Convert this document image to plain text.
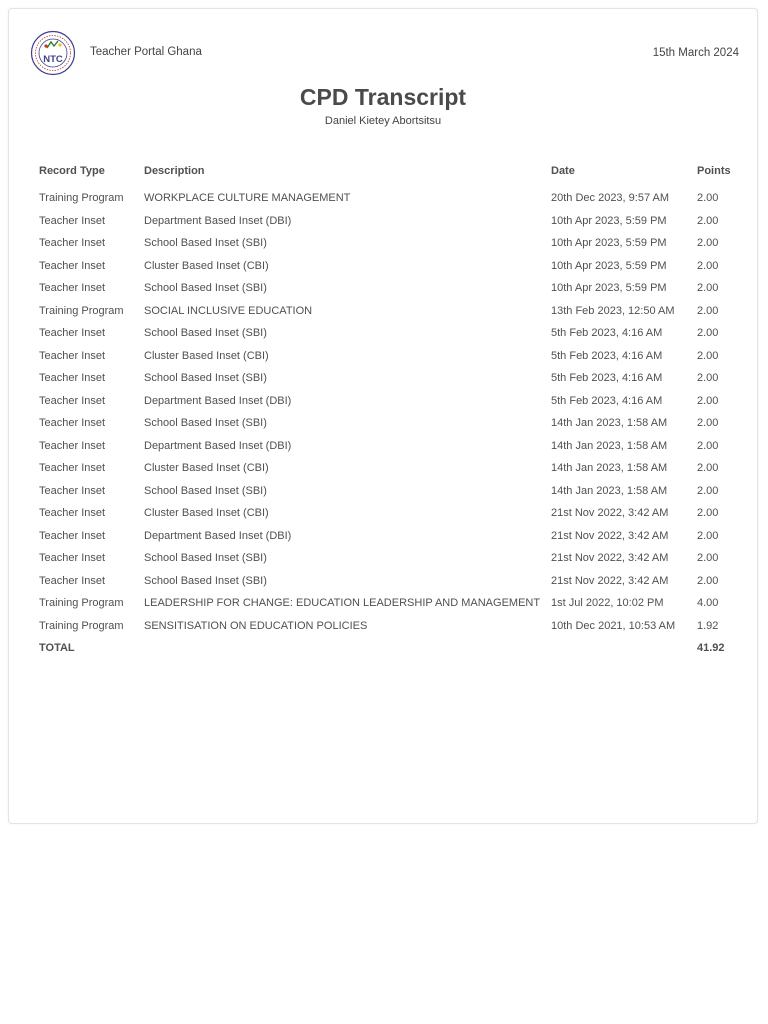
NTC
Teacher Portal Ghana	15th March 2024
CPD Transcript
Daniel Kietey Abortsitsu
Record Type	Description	Date	Points
Training Program	WORKPLACE CULTURE MANAGEMENT	20th Dec 2023, 9:57 AM	2.00
Teacher Inset	Department Based Inset (DBI)	10th Apr 2023, 5:59 PM	2.00
Teacher Inset	School Based Inset (SBI)	10th Apr 2023, 5:59 PM	2.00
Teacher Inset	Cluster Based Inset (CBI)	10th Apr 2023, 5:59 PM	2.00
Teacher Inset	School Based Inset (SBI)	10th Apr 2023, 5:59 PM	2.00
Training Program	SOCIAL INCLUSIVE EDUCATION	13th Feb 2023, 12:50 AM	2.00
Teacher Inset	School Based Inset (SBI)	5th Feb 2023, 4:16 AM	2.00
Teacher Inset	Cluster Based Inset (CBI)	5th Feb 2023, 4:16 AM	2.00
Teacher Inset	School Based Inset (SBI)	5th Feb 2023, 4:16 AM	2.00
Teacher Inset	Department Based Inset (DBI)	5th Feb 2023, 4:16 AM	2.00
Teacher Inset	School Based Inset (SBI)	14th Jan 2023, 1:58 AM	2.00
Teacher Inset	Department Based Inset (DBI)	14th Jan 2023, 1:58 AM	2.00
Teacher Inset	Cluster Based Inset (CBI)	14th Jan 2023, 1:58 AM	2.00
Teacher Inset	School Based Inset (SBI)	14th Jan 2023, 1:58 AM	2.00
Teacher Inset	Cluster Based Inset (CBI)	21st Nov 2022, 3:42 AM	2.00
Teacher Inset	Department Based Inset (DBI)	21st Nov 2022, 3:42 AM	2.00
Teacher Inset	School Based Inset (SBI)	21st Nov 2022, 3:42 AM	2.00
Teacher Inset	School Based Inset (SBI)	21st Nov 2022, 3:42 AM	2.00
Training Program	LEADERSHIP FOR CHANGE: EDUCATION LEADERSHIP AND MANAGEMENT	1st Jul 2022, 10:02 PM	4.00
Training Program	SENSITISATION ON EDUCATION POLICIES	10th Dec 2021, 10:53 AM	1.92
TOTAL			41.92
